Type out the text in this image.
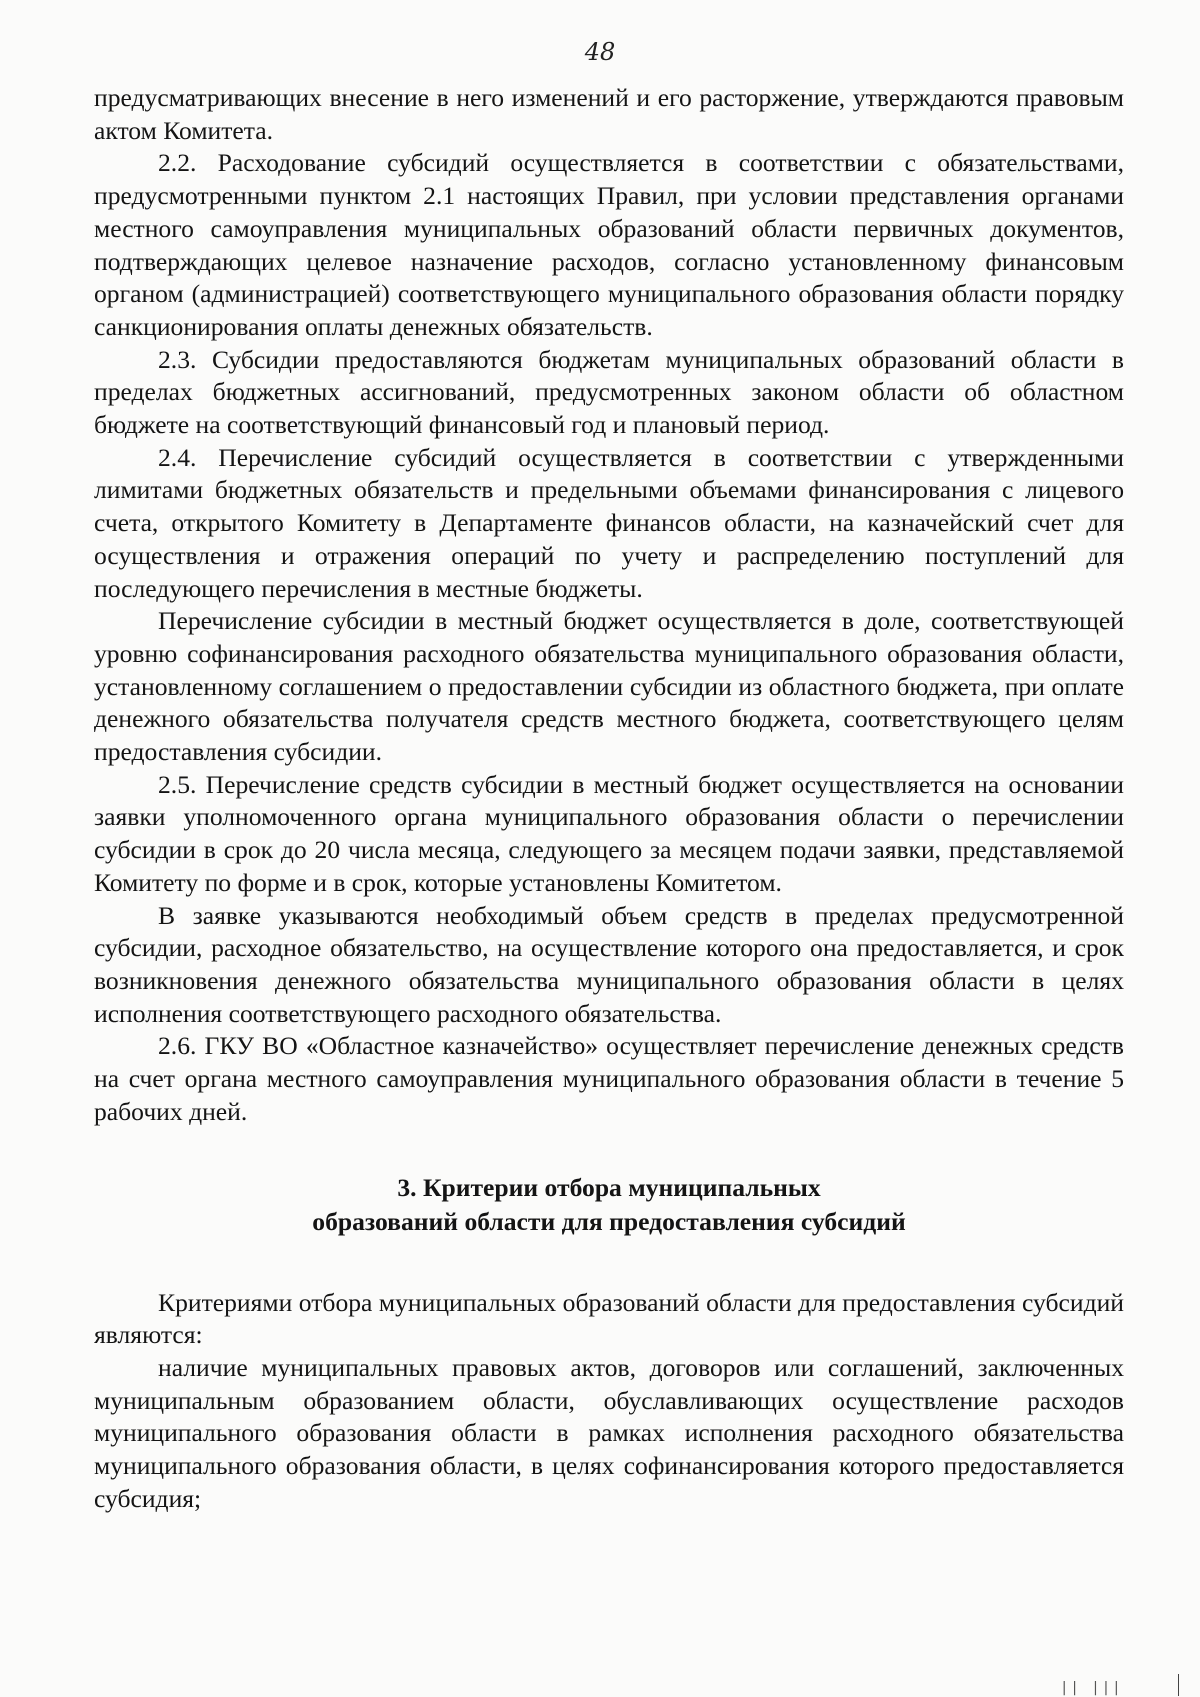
48

предусматривающих внесение в него изменений и его расторжение, утверждаются правовым актом Комитета.

2.2. Расходование субсидий осуществляется в соответствии с обязательствами, предусмотренными пунктом 2.1 настоящих Правил, при условии представления органами местного самоуправления муниципальных образований области первичных документов, подтверждающих целевое назначение расходов, согласно установленному финансовым органом (администрацией) соответствующего муниципального образования области порядку санкционирования оплаты денежных обязательств.

2.3. Субсидии предоставляются бюджетам муниципальных образований области в пределах бюджетных ассигнований, предусмотренных законом области об областном бюджете на соответствующий финансовый год и плановый период.

2.4. Перечисление субсидий осуществляется в соответствии с утвержденными лимитами бюджетных обязательств и предельными объемами финансирования с лицевого счета, открытого Комитету в Департаменте финансов области, на казначейский счет для осуществления и отражения операций по учету и распределению поступлений для последующего перечисления в местные бюджеты.

Перечисление субсидии в местный бюджет осуществляется в доле, соответствующей уровню софинансирования расходного обязательства муниципального образования области, установленному соглашением о предоставлении субсидии из областного бюджета, при оплате денежного обязательства получателя средств местного бюджета, соответствующего целям предоставления субсидии.

2.5. Перечисление средств субсидии в местный бюджет осуществляется на основании заявки уполномоченного органа муниципального образования области о перечислении субсидии в срок до 20 числа месяца, следующего за месяцем подачи заявки, представляемой Комитету по форме и в срок, которые установлены Комитетом.

В заявке указываются необходимый объем средств в пределах предусмотренной субсидии, расходное обязательство, на осуществление которого она предоставляется, и срок возникновения денежного обязательства муниципального образования области в целях исполнения соответствующего расходного обязательства.

2.6. ГКУ ВО «Областное казначейство» осуществляет перечисление денежных средств на счет органа местного самоуправления муниципального образования области в течение 5 рабочих дней.

3. Критерии отбора муниципальных
образований области для предоставления субсидий

Критериями отбора муниципальных образований области для предоставления субсидий являются:

наличие муниципальных правовых актов, договоров или соглашений, заключенных муниципальным образованием области, обуславливающих осуществление расходов муниципального образования области в рамках исполнения расходного обязательства муниципального образования области, в целях софинансирования которого предоставляется субсидия;

|| |||
